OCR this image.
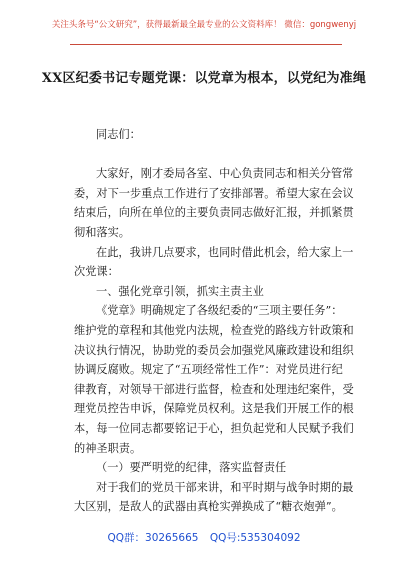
关注头条号“公文研究”，获得最新最全最专业的公文资料库！ 微信：gongwenyj
XX区纪委书记专题党课：以党章为根本，以党纪为准绳

同志们：

大家好，刚才委局各室、中心负责同志和相关分管常

委，对下一步重点工作进行了安排部署。希望大家在会议

结束后，向所在单位的主要负责同志做好汇报，并抓紧贯

彻和落实。

在此，我讲几点要求，也同时借此机会，给大家上一

次党课：

一、强化党章引领，抓实主责主业

《党章》明确规定了各级纪委的“三项主要任务”：

维护党的章程和其他党内法规，检查党的路线方针政策和

决议执行情况，协助党的委员会加强党风廉政建设和组织

协调反腐败。规定了“五项经常性工作”：对党员进行纪

律教育，对领导干部进行监督，检查和处理违纪案件，受

理党员控告申诉，保障党员权利。这是我们开展工作的根

本，每一位同志都要铭记于心，担负起党和人民赋予我们

的神圣职责。

（一）要严明党的纪律，落实监督责任

对于我们的党员干部来讲，和平时期与战争时期的最

大区别，是敌人的武器由真枪实弹换成了“糖衣炮弹”。

QQ群：30265665 QQ号:535304092
